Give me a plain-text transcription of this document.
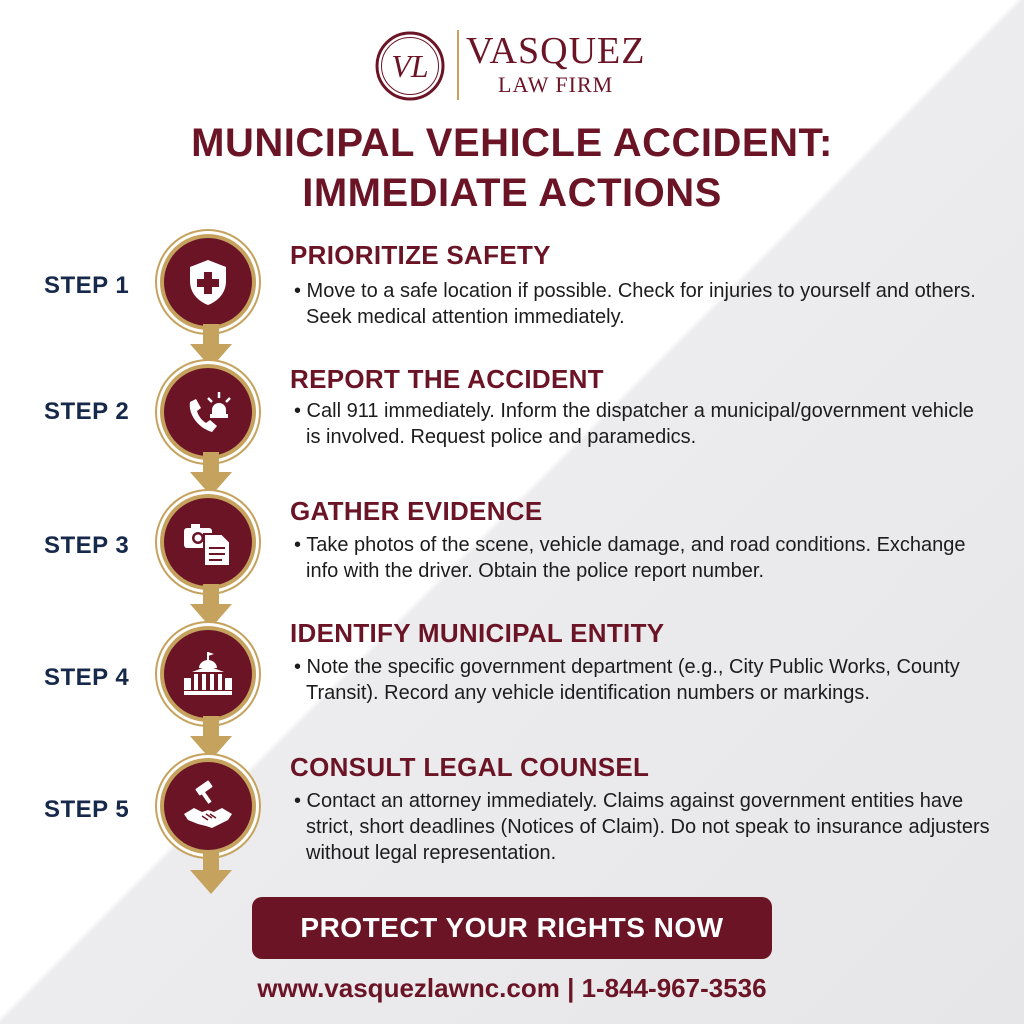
VL VASQUEZ
LAW FIRM
MUNICIPAL VEHICLE ACCIDENT:
IMMEDIATE ACTIONS
STEP 1
PRIORITIZE SAFETY

• Move to a safe location if possible. Check for injuries to yourself and others. Seek medical attention immediately.

STEP 2
REPORT THE ACCIDENT

• Call 911 immediately. Inform the dispatcher a municipal/government vehicle is involved. Request police and paramedics.

STEP 3
GATHER EVIDENCE

• Take photos of the scene, vehicle damage, and road conditions. Exchange info with the driver. Obtain the police report number.

STEP 4
IDENTIFY MUNICIPAL ENTITY

• Note the specific government department (e.g., City Public Works, County Transit). Record any vehicle identification numbers or markings.

STEP 5
CONSULT LEGAL COUNSEL

• Contact an attorney immediately. Claims against government entities have strict, short deadlines (Notices of Claim). Do not speak to insurance adjusters without legal representation.

PROTECT YOUR RIGHTS NOW
www.vasquezlawnc.com | 1-844-967-3536
